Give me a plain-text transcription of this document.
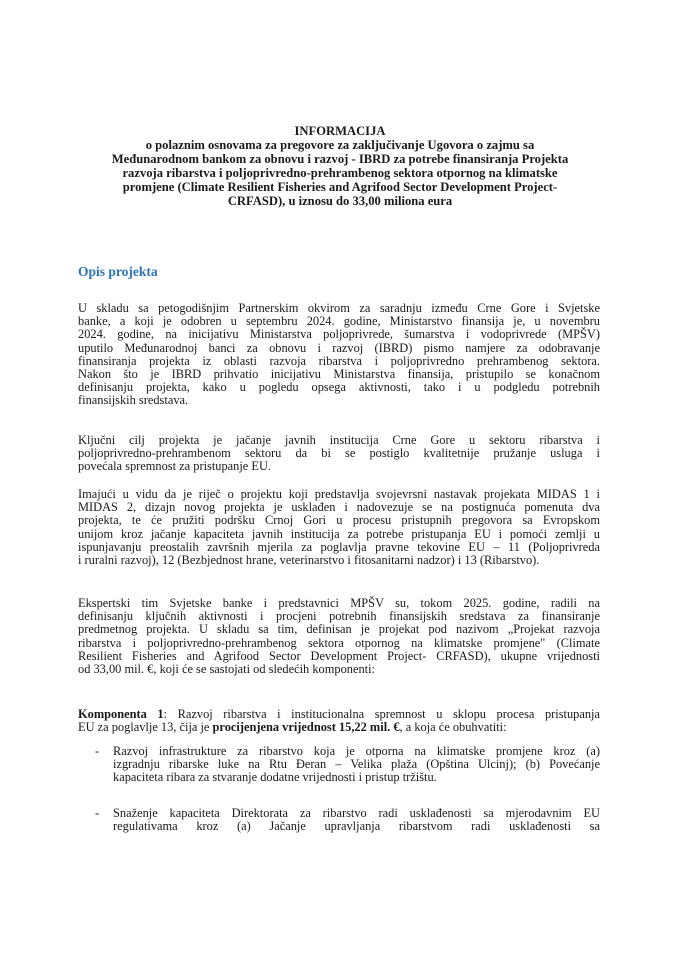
INFORMACIJA
o polaznim osnovama za pregovore za zaključivanje Ugovora o zajmu sa
Međunarodnom bankom za obnovu i razvoj - IBRD za potrebe finansiranja Projekta
razvoja ribarstva i poljoprivredno-prehrambenog sektora otpornog na klimatske
promjene (Climate Resilient Fisheries and Agrifood Sector Development Project-
CRFASD), u iznosu do 33,00 miliona eura
Opis projekta
U skladu sa petogodišnjim Partnerskim okvirom za saradnju između Crne Gore i Svjetske
banke, a koji je odobren u septembru 2024. godine, Ministarstvo finansija je, u novembru
2024. godine, na inicijativu Ministarstva poljoprivrede, šumarstva i vodoprivrede (MPŠV)
uputilo Međunarodnoj banci za obnovu i razvoj (IBRD) pismo namjere za odobravanje
finansiranja projekta iz oblasti razvoja ribarstva i poljoprivredno prehrambenog sektora.
Nakon što je IBRD prihvatio inicijativu Ministarstva finansija, pristupilo se konačnom
definisanju projekta, kako u pogledu opsega aktivnosti, tako i u podgledu potrebnih
finansijskih sredstava.
Ključni cilj projekta je jačanje javnih institucija Crne Gore u sektoru ribarstva i
poljoprivredno-prehrambenom sektoru da bi se postiglo kvalitetnije pružanje usluga i
povećala spremnost za pristupanje EU.
Imajući u vidu da je riječ o projektu koji predstavlja svojevrsni nastavak projekata MIDAS 1 i
MIDAS 2, dizajn novog projekta je usklađen i nadovezuje se na postignuća pomenuta dva
projekta, te će pružiti podršku Crnoj Gori u procesu pristupnih pregovora sa Evropskom
unijom kroz jačanje kapaciteta javnih institucija za potrebe pristupanja EU i pomoći zemlji u
ispunjavanju preostalih završnih mjerila za poglavlja pravne tekovine EU – 11 (Poljoprivreda
i ruralni razvoj), 12 (Bezbjednost hrane, veterinarstvo i fitosanitarni nadzor) i 13 (Ribarstvo).
Ekspertski tim Svjetske banke i predstavnici MPŠV su, tokom 2025. godine, radili na
definisanju ključnih aktivnosti i procjeni potrebnih finansijskih sredstava za finansiranje
predmetnog projekta. U skladu sa tim, definisan je projekat pod nazivom „Projekat razvoja
ribarstva i poljoprivredno-prehrambenog sektora otpornog na klimatske promjene" (Climate
Resilient Fisheries and Agrifood Sector Development Project- CRFASD), ukupne vrijednosti
od 33,00 mil. €, koji će se sastojati od sledećih komponenti:
Komponenta 1: Razvoj ribarstva i institucionalna spremnost u sklopu procesa pristupanja
EU za poglavlje 13, čija je procijenjena vrijednost 15,22 mil. €, a koja će obuhvatiti:
- Razvoj infrastrukture za ribarstvo koja je otporna na klimatske promjene kroz (a)
izgradnju ribarske luke na Rtu Đeran – Velika plaža (Opština Ulcinj); (b) Povećanje
kapaciteta ribara za stvaranje dodatne vrijednosti i pristup tržištu.
- Snaženje kapaciteta Direktorata za ribarstvo radi usklađenosti sa mjerodavnim EU
regulativama kroz (a) Jačanje upravljanja ribarstvom radi usklađenosti sa
